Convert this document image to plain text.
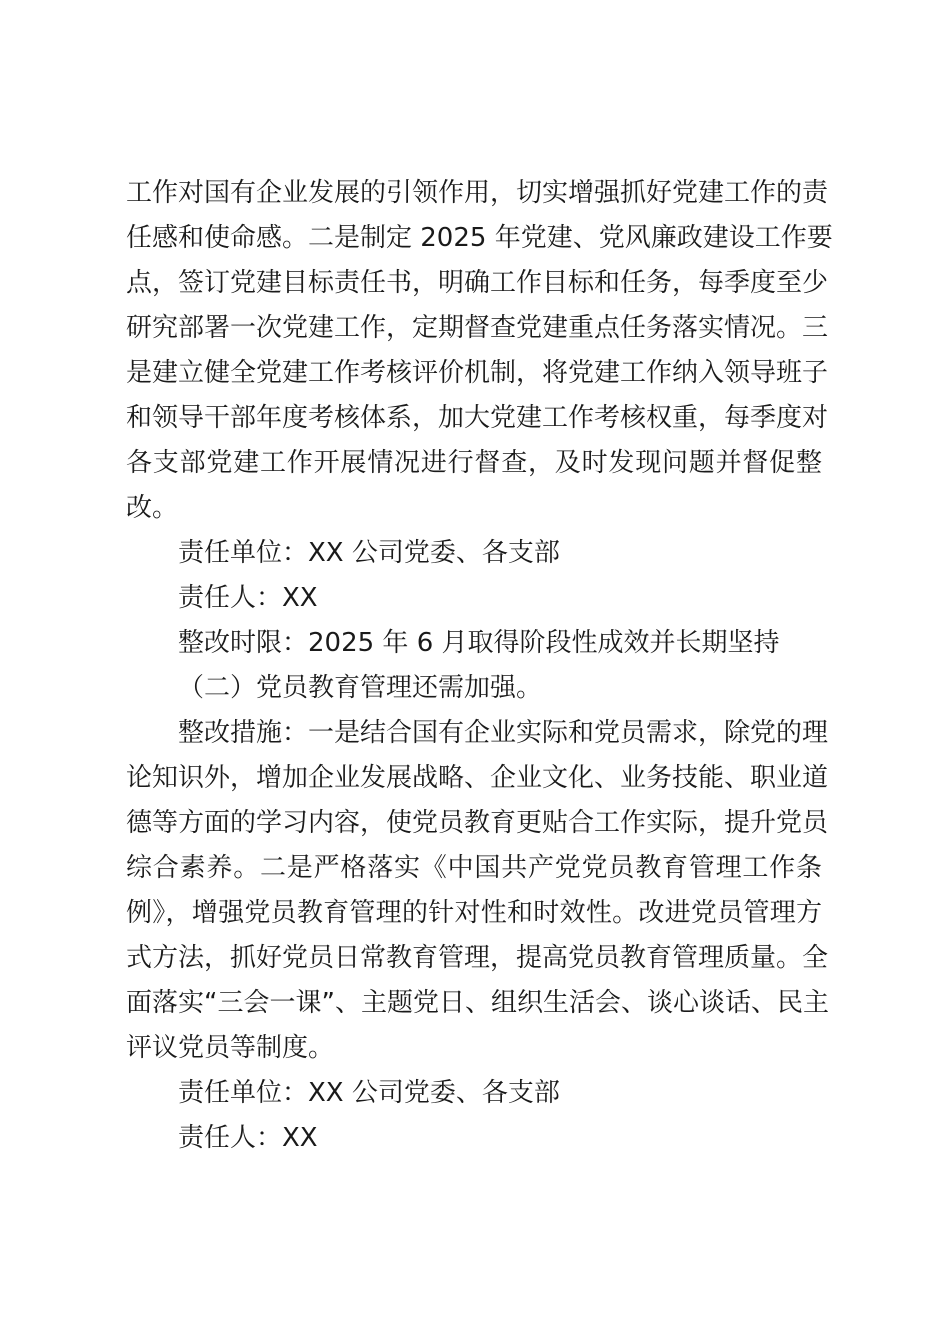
工作对国有企业发展的引领作用，切实增强抓好党建工作的责
任感和使命感。二是制定 2025 年党建、党风廉政建设工作要
点，签订党建目标责任书，明确工作目标和任务，每季度至少
研究部署一次党建工作，定期督查党建重点任务落实情况。三
是建立健全党建工作考核评价机制，将党建工作纳入领导班子
和领导干部年度考核体系，加大党建工作考核权重，每季度对
各支部党建工作开展情况进行督查，及时发现问题并督促整
改。
责任单位：XX 公司党委、各支部
责任人：XX
整改时限：2025 年 6 月取得阶段性成效并长期坚持
（二）党员教育管理还需加强。
整改措施：一是结合国有企业实际和党员需求，除党的理
论知识外，增加企业发展战略、企业文化、业务技能、职业道
德等方面的学习内容，使党员教育更贴合工作实际，提升党员
综合素养。二是严格落实《中国共产党党员教育管理工作条
例》，增强党员教育管理的针对性和时效性。改进党员管理方
式方法，抓好党员日常教育管理，提高党员教育管理质量。全
面落实“三会一课”、主题党日、组织生活会、谈心谈话、民主
评议党员等制度。
责任单位：XX 公司党委、各支部
责任人：XX
